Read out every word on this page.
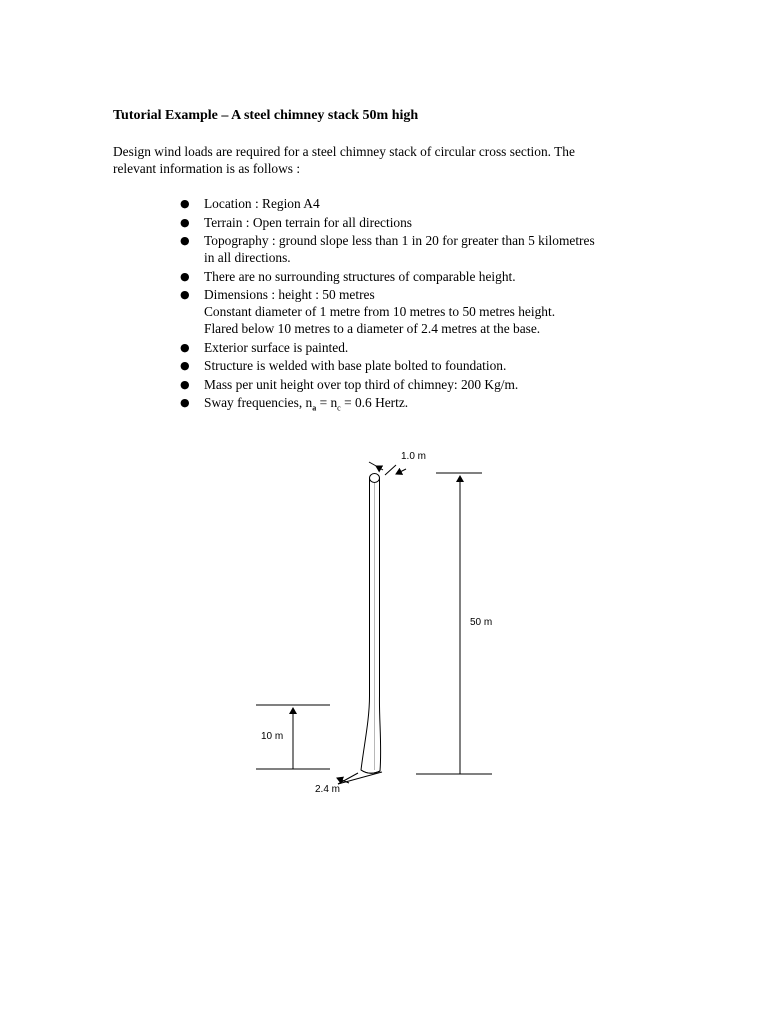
Tutorial Example – A steel chimney stack 50m high
Design wind loads are required for a steel chimney stack of circular cross section. The
relevant information is as follows :
● Location : Region A4
● Terrain : Open terrain for all directions
● Topography : ground slope less than 1 in 20 for greater than 5 kilometres
in all directions.
● There are no surrounding structures of comparable height.
● Dimensions : height : 50 metres
Constant diameter of 1 metre from 10 metres to 50 metres height.
Flared below 10 metres to a diameter of 2.4 metres at the base.
● Exterior surface is painted.
● Structure is welded with base plate bolted to foundation.
● Mass per unit height over top third of chimney: 200 Kg/m.
● Sway frequencies, $n_a = n_c = 0.6$ Hertz.
1.0 m
50 m
10 m
2.4 m
